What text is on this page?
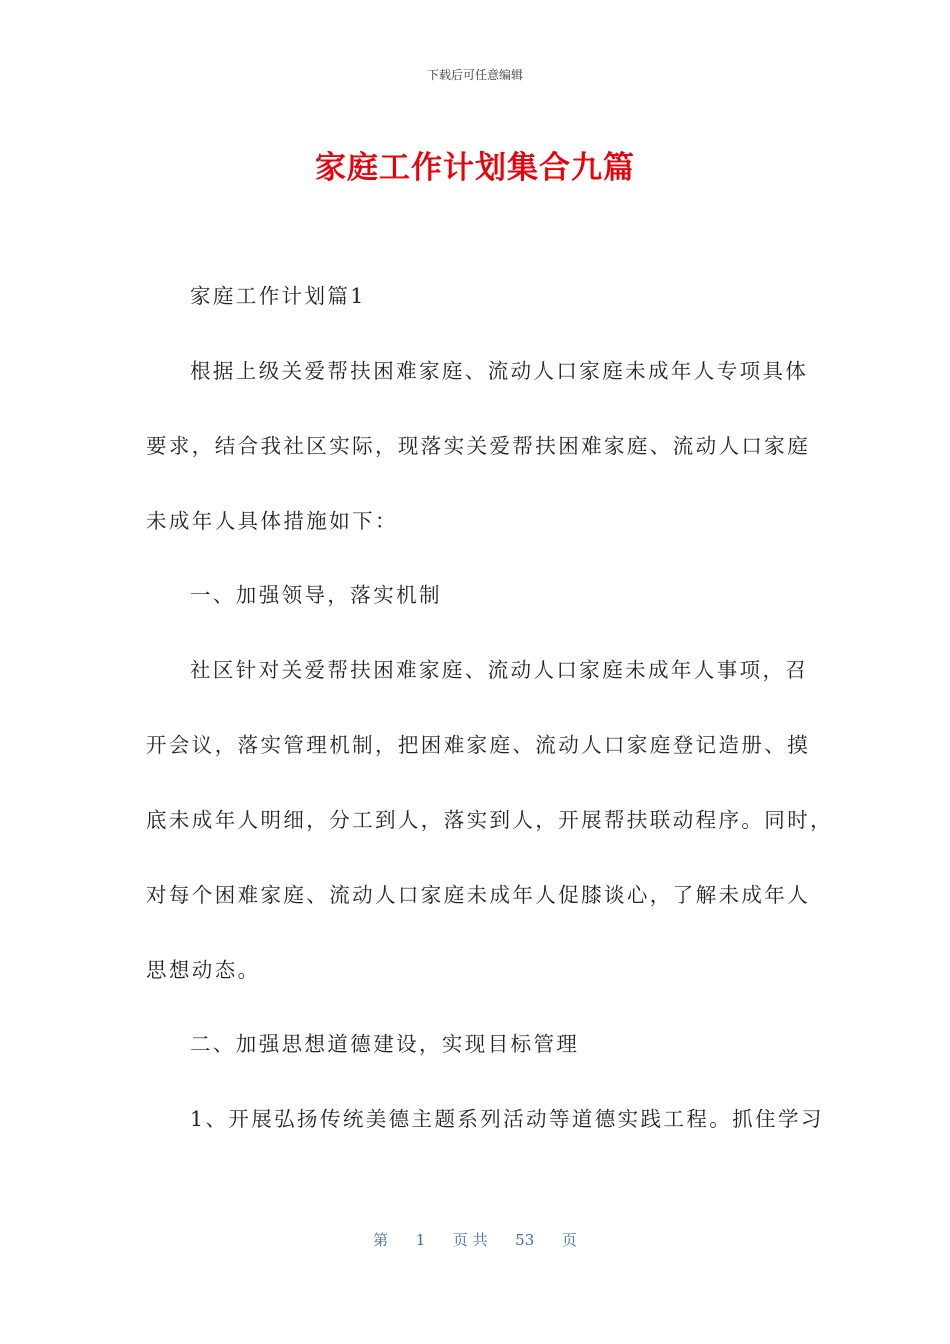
下载后可任意编辑
家庭工作计划集合九篇
家庭工作计划篇1
根据上级关爱帮扶困难家庭、流动人口家庭未成年人专项具体
要求，结合我社区实际，现落实关爱帮扶困难家庭、流动人口家庭
未成年人具体措施如下：
一、加强领导，落实机制
社区针对关爱帮扶困难家庭、流动人口家庭未成年人事项，召
开会议，落实管理机制，把困难家庭、流动人口家庭登记造册、摸
底未成年人明细，分工到人，落实到人，开展帮扶联动程序。同时，
对每个困难家庭、流动人口家庭未成年人促膝谈心，了解未成年人
思想动态。
二、加强思想道德建设，实现目标管理
1、开展弘扬传统美德主题系列活动等道德实践工程。抓住学习
第 1 页 共 53 页
